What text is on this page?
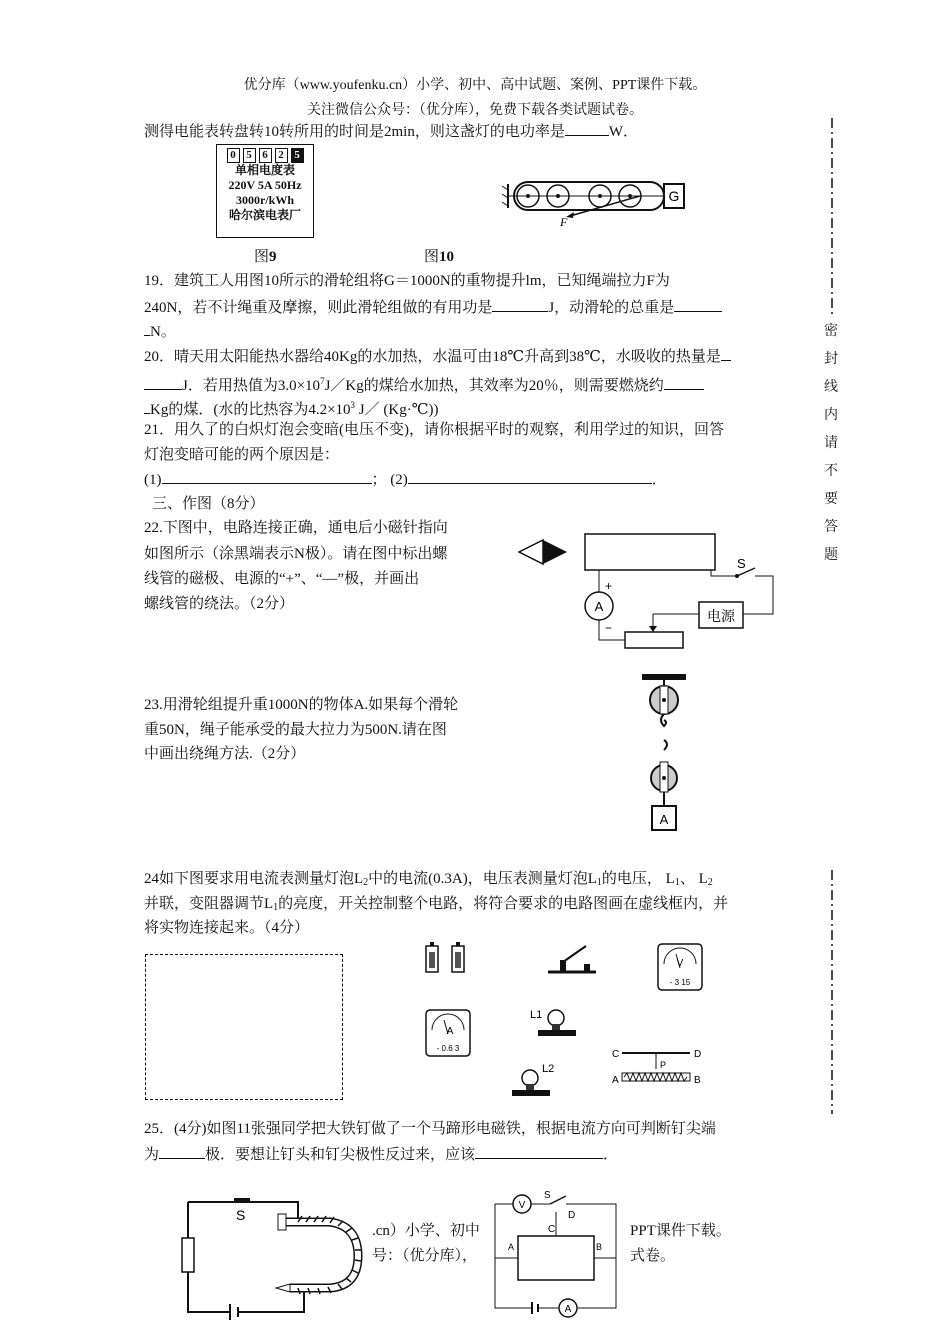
优分库（www.youfenku.cn）小学、初中、高中试题、案例、PPT课件下载。
关注微信公众号：（优分库），免费下载各类试题试卷。
测得电能表转盘转10转所用的时间是2min，则这盏灯的电功率是	W．
0 5 6 2 5
单相电度表
220V 5A 50Hz
3000r/kWh
哈尔滨电表厂
G
F
图9	图10
19．建筑工人用图10所示的滑轮组将G＝1000N的重物提升lm，已知绳端拉力F为
240N，若不计绳重及摩擦，则此滑轮组做的有用功是	J，动滑轮的总重是
N。
20．晴天用太阳能热水器给40Kg的水加热，水温可由18℃升高到38℃，水吸收的热量是
J．若用热值为$3.0\times 10^7J/Kg$的煤给水加热，其效率为20％，则需要燃烧约
Kg的煤．(水的比热容为$4.2\times 10^3$ J／ (Kg·℃))
21．用久了的白炽灯泡会变暗(电压不变)，请你根据平时的观察，利用学过的知识，回答
灯泡变暗可能的两个原因是：
(1)	； (2)	．
三、作图（8分）
22.下图中，电路连接正确，通电后小磁针指向
如图所示（涂黑端表示N极）。请在图中标出螺
线管的磁极、电源的“+”、“—”极，并画出
螺线管的绕法。（2分）
S
A
+
−
电源
23.用滑轮组提升重1000N的物体A.如果每个滑轮
重50N，绳子能承受的最大拉力为500N.请在图
中画出绕绳方法.（2分）
A
24如下图要求用电流表测量灯泡$L_2$中的电流(0.3A)，电压表测量灯泡$L_1$的电压， $L_1$、 $L_2$
并联，变阻器调节$L_1$的亮度，开关控制整个电路，将符合要求的电路图画在虚线框内，并
将实物连接起来。（4分）
V
- 3 15
A
- 0.6 3
L1
L2
C	D
P
A	B
25．(4分)如图11张强同学把大铁钉做了一个马蹄形电磁铁，根据电流方向可判断钉尖端
为	极．要想让钉头和钉尖极性反过来，应该	．
S
.cn）小学、初中
号：（优分库），
PPT课件下载。
式卷。
V
S
D
C
A	B
A
密
封
线
内
请
不
要
答
题
